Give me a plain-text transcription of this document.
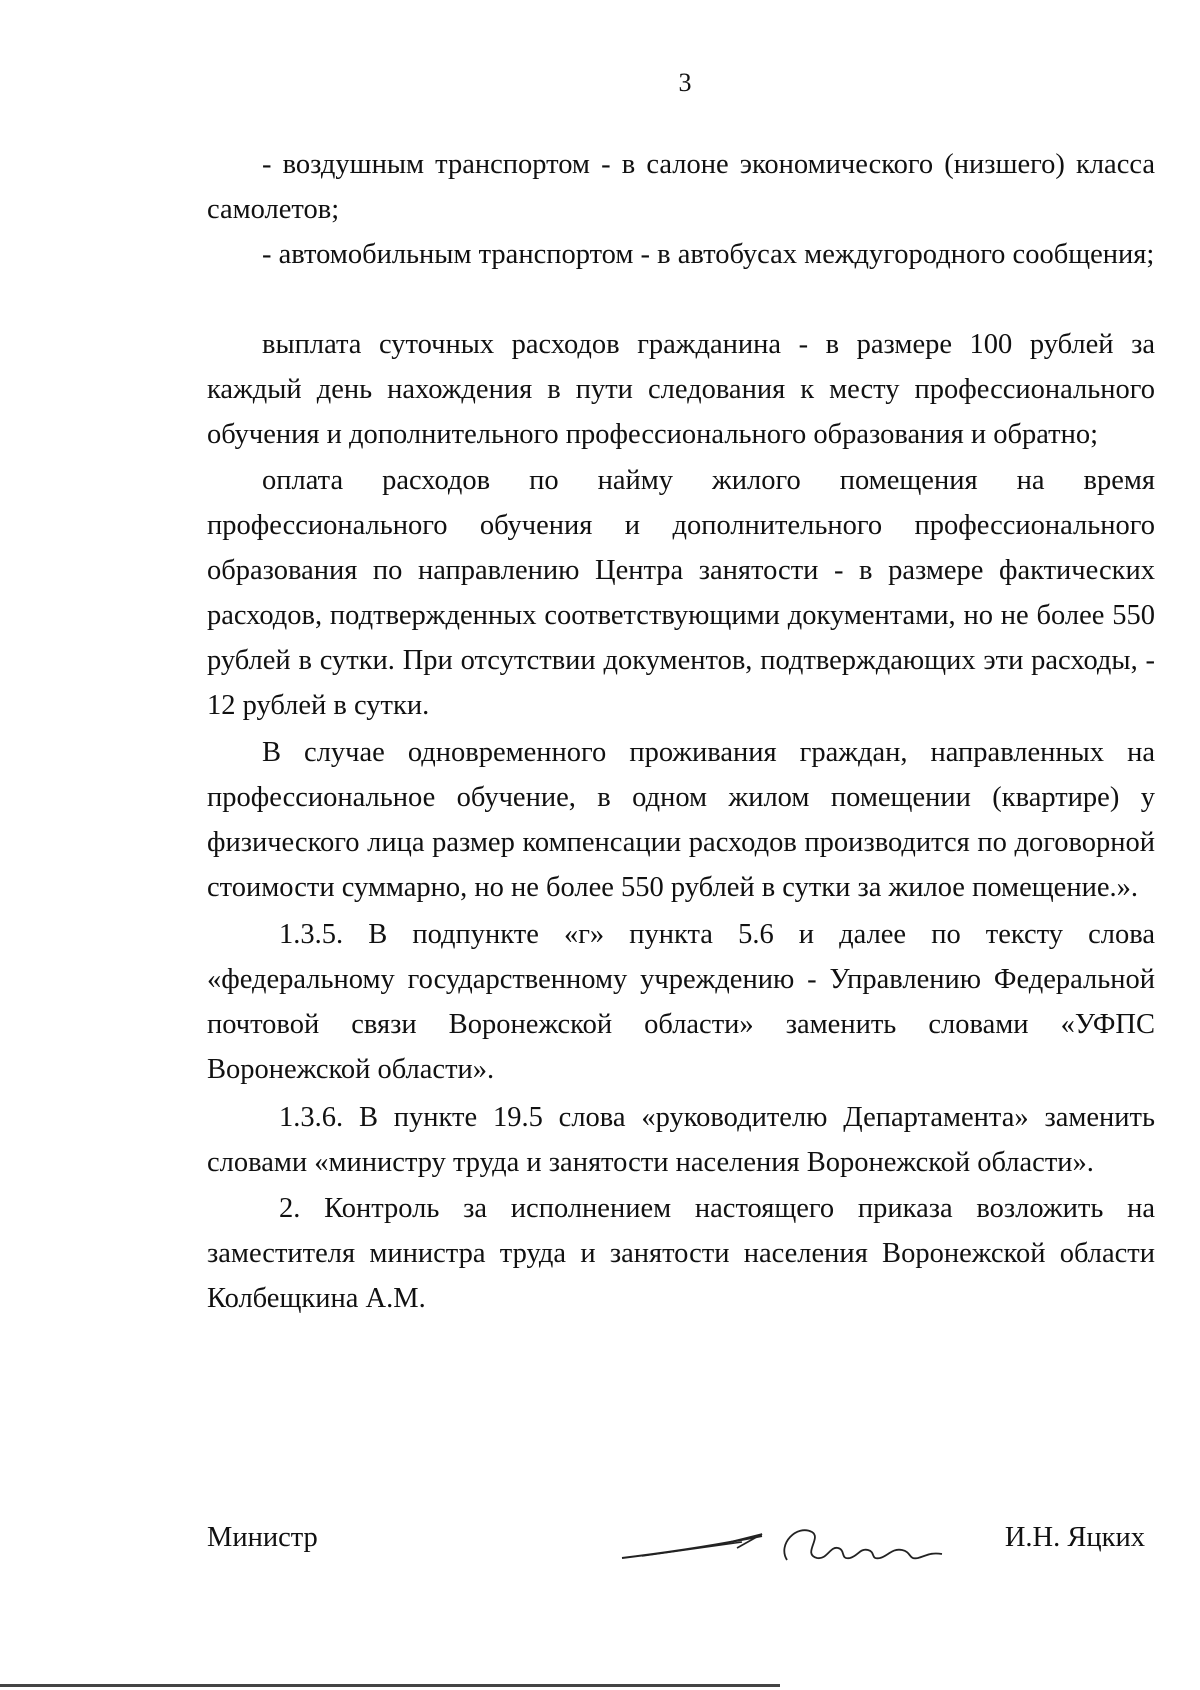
3

- воздушным транспортом - в салоне экономического (низшего) класса самолетов;

- автомобильным транспортом - в автобусах междугородного сообщения;

выплата суточных расходов гражданина - в размере 100 рублей за каждый день нахождения в пути следования к месту профессионального обучения и дополнительного профессионального образования и обратно;

оплата расходов по найму жилого помещения на время профессионального обучения и дополнительного профессионального образования по направлению Центра занятости - в размере фактических расходов, подтвержденных соответствующими документами, но не более 550 рублей в сутки. При отсутствии документов, подтверждающих эти расходы, - 12 рублей в сутки.

В случае одновременного проживания граждан, направленных на профессиональное обучение, в одном жилом помещении (квартире) у физического лица размер компенсации расходов производится по договорной стоимости суммарно, но не более 550 рублей в сутки за жилое помещение.».

1.3.5. В подпункте «г» пункта 5.6 и далее по тексту слова «федеральному государственному учреждению - Управлению Федеральной почтовой связи Воронежской области» заменить словами «УФПС Воронежской области».

1.3.6. В пункте 19.5 слова «руководителю Департамента» заменить словами «министру труда и занятости населения Воронежской области».

2. Контроль за исполнением настоящего приказа возложить на заместителя министра труда и занятости населения Воронежской области Колбещкина А.М.

Министр	И.Н. Яцких
